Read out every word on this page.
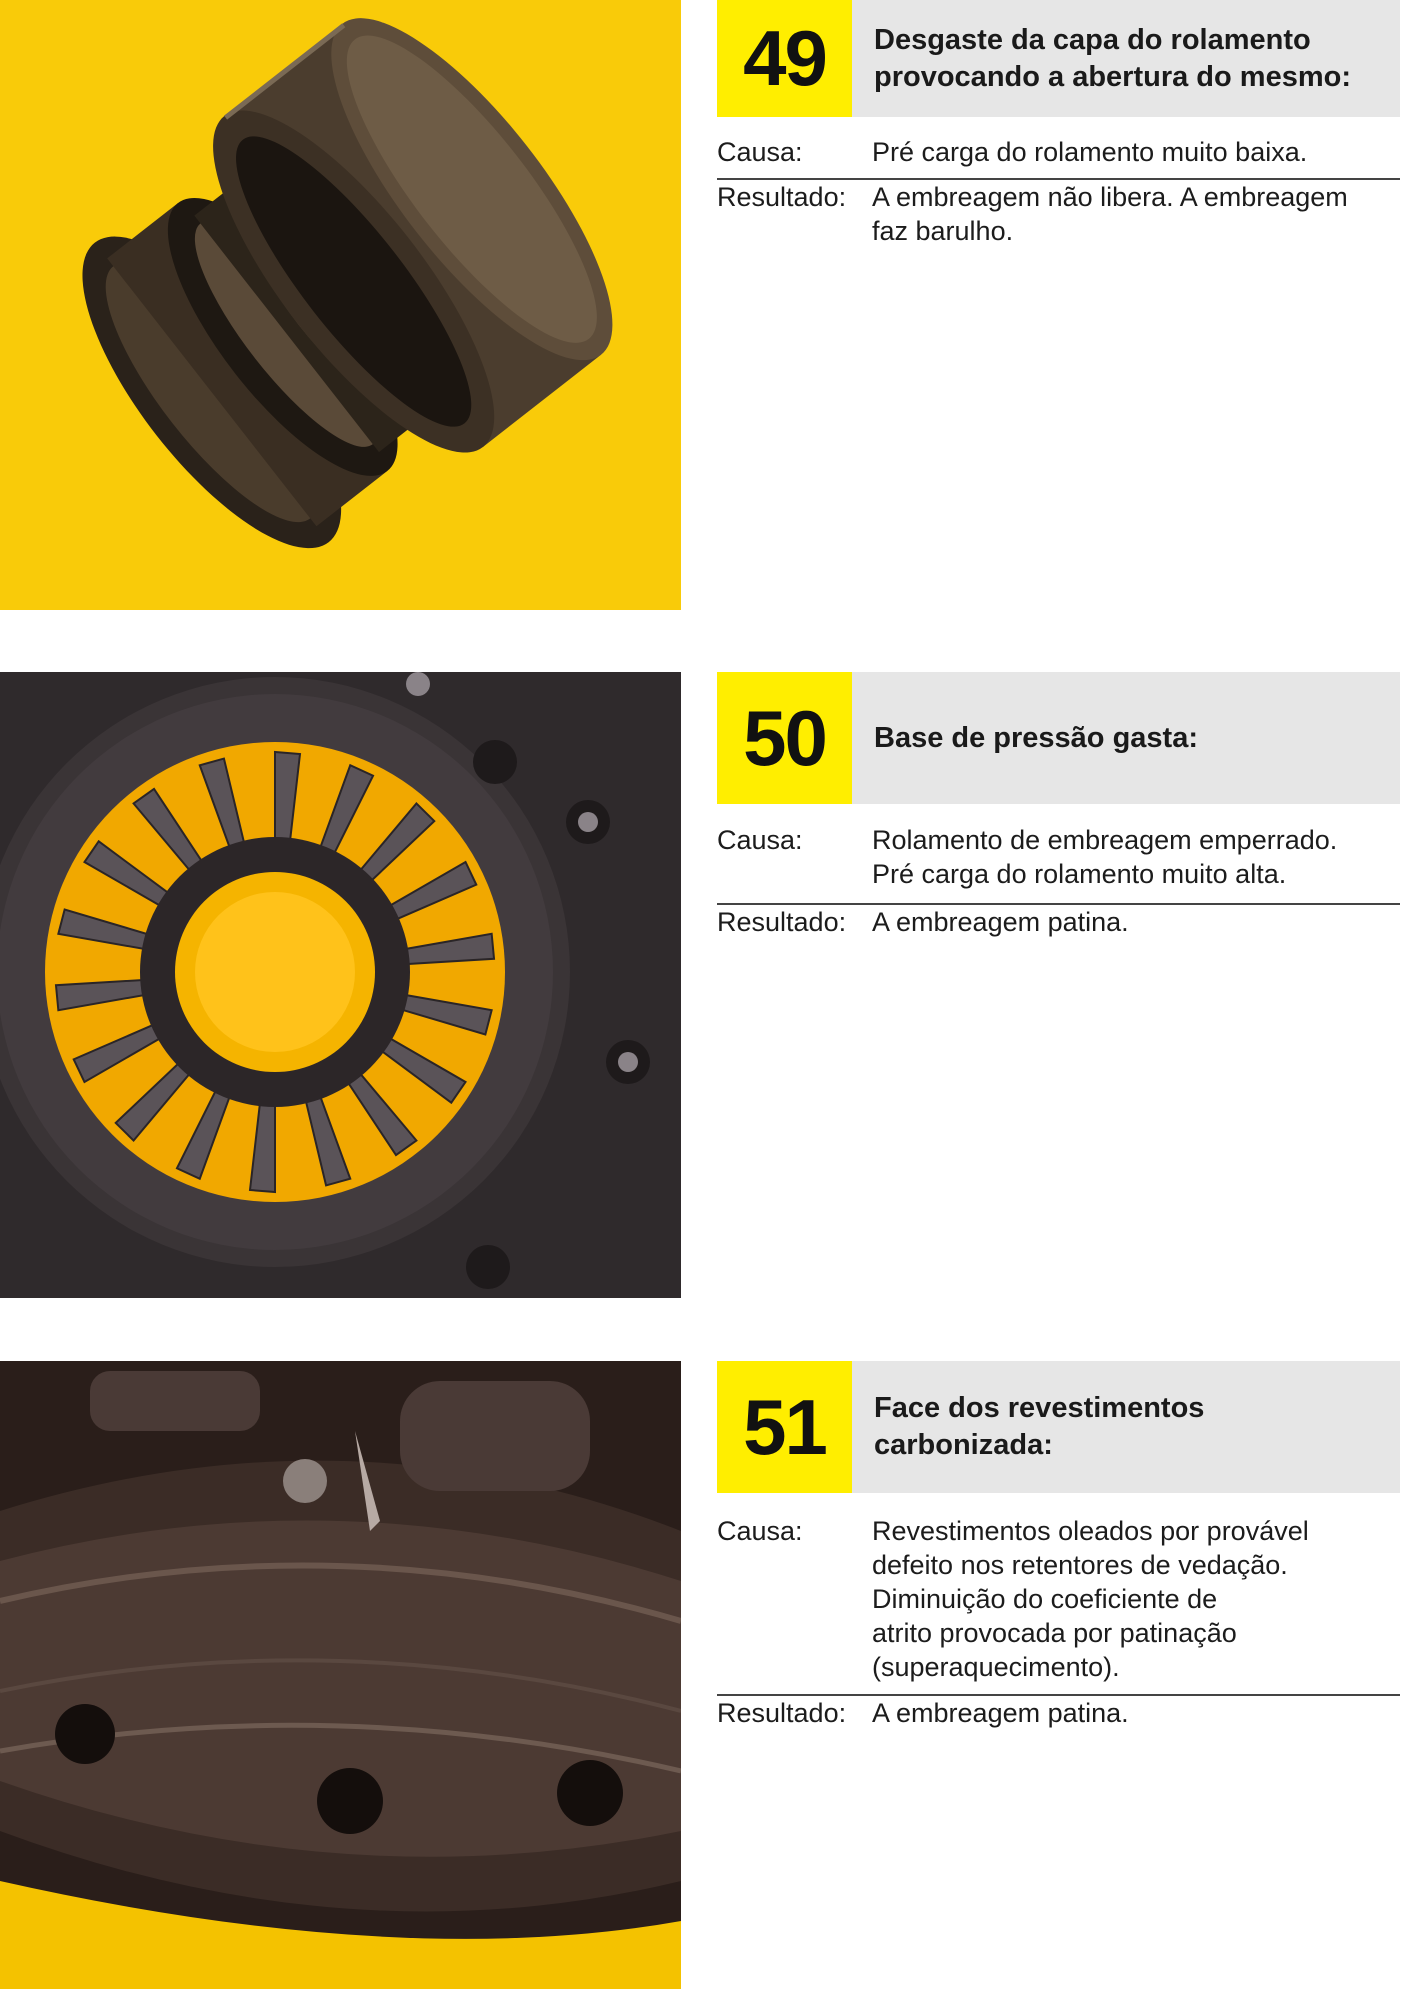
49	Desgaste da capa do rolamento
provocando a abertura do mesmo:
Causa:	Pré carga do rolamento muito baixa.
Resultado: A embreagem não libera. A embreagem
faz barulho.
50	Base de pressão gasta:
Causa:	Rolamento de embreagem emperrado.
Pré carga do rolamento muito alta.
Resultado: A embreagem patina.
51	Face dos revestimentos
carbonizada:
Causa:	Revestimentos oleados por provável
defeito nos retentores de vedação.
Diminuição do coeficiente de
atrito provocada por patinação
(superaquecimento).
Resultado: A embreagem patina.
